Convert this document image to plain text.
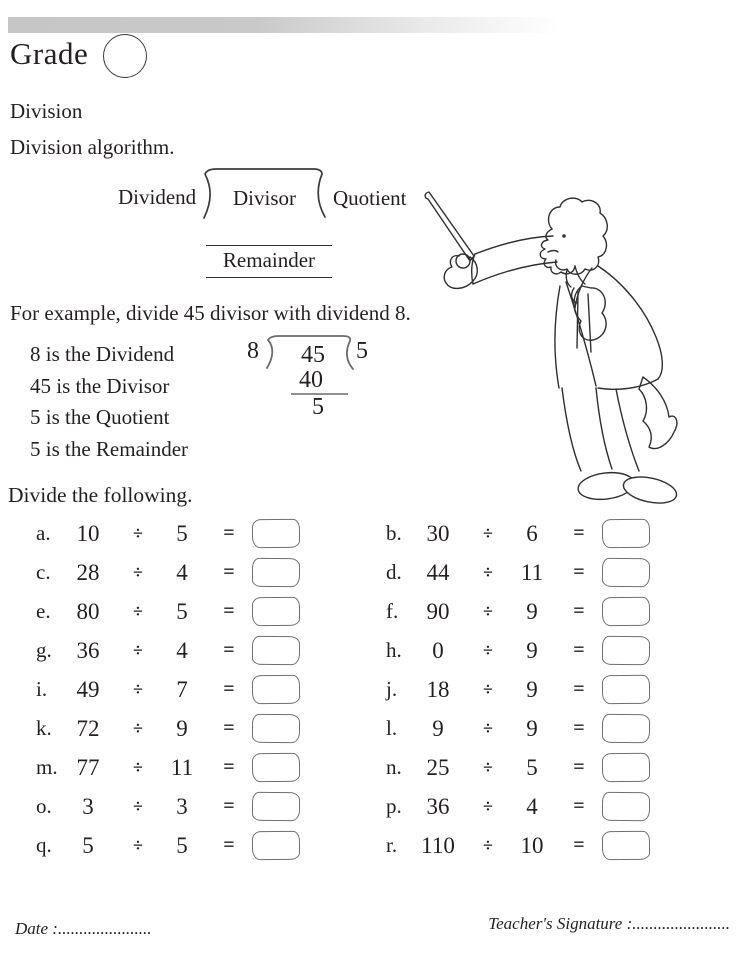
Grade
Division
Division algorithm.
Dividend Divisor Quotient
Remainder
For example, divide 45 divisor with dividend 8.
8 is the Dividend
45 is the Divisor
5 is the Quotient
5 is the Remainder
8 45 5
40
5
Divide the following.
a.	10	÷	5	=
c.	28	÷	4	=
e.	80	÷	5	=
g.	36	÷	4	=
i.	49	÷	7	=
k.	72	÷	9	=
m. 77	÷	11	=
o.	3	÷	3	=
q.	5	÷	5	=
b.	30	÷	6	=
d.	44	÷	11	=
f.	90	÷	9	=
h.	0	÷	9	=
j.	18	÷	9	=
l.	9	÷	9	=
n.	25	÷	5	=
p.	36	÷	4	=
r.	110	÷	10	=
Date :......................	Teacher's Signature :.......................
